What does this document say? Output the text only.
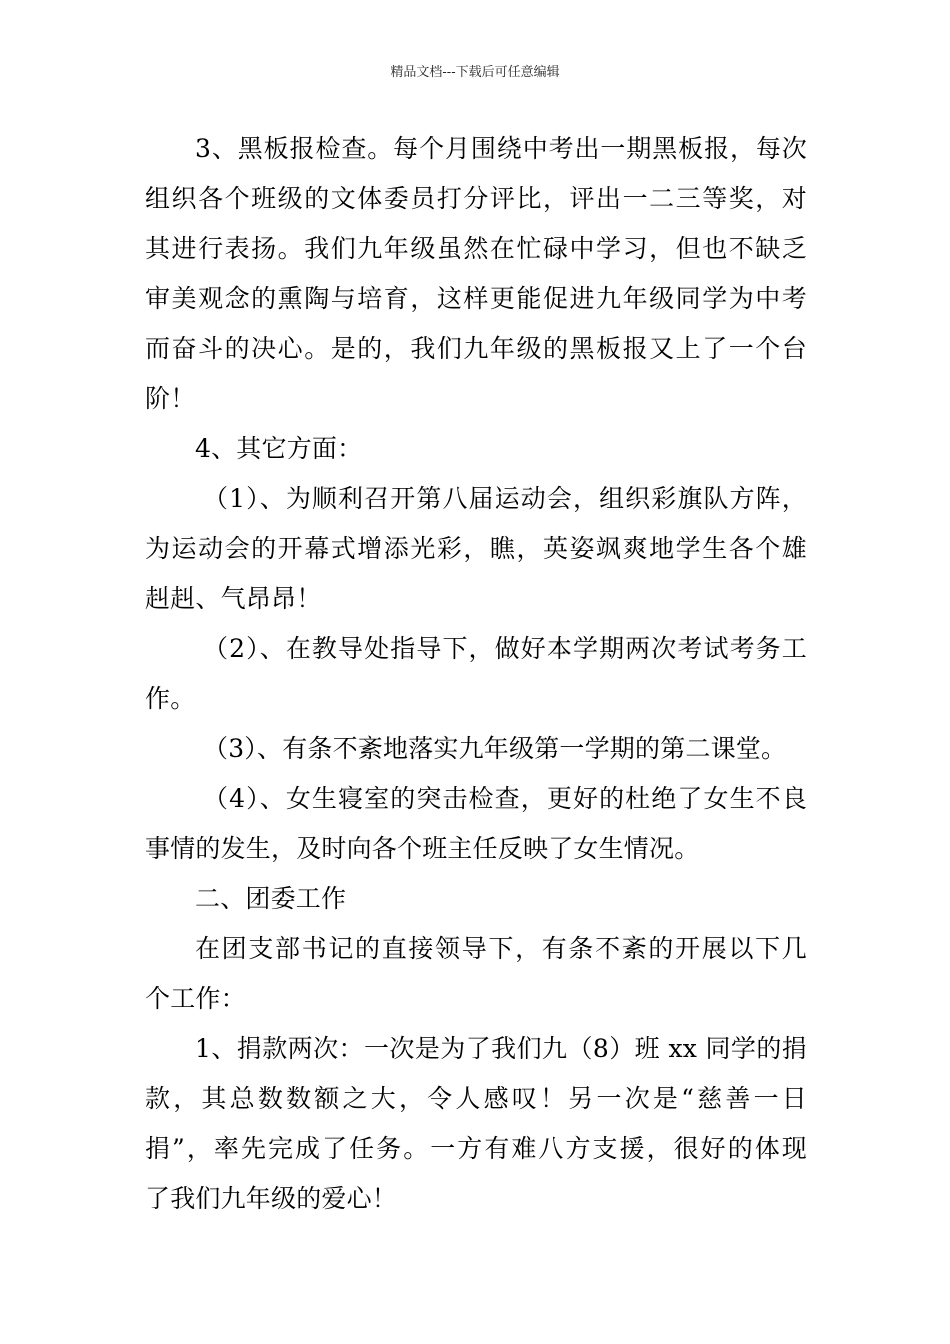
精品文档---下载后可任意编辑
3、黑板报检查。每个月围绕中考出一期黑板报，每次
组织各个班级的文体委员打分评比，评出一二三等奖，对
其进行表扬。我们九年级虽然在忙碌中学习，但也不缺乏
审美观念的熏陶与培育，这样更能促进九年级同学为中考
而奋斗的决心。是的，我们九年级的黑板报又上了一个台
阶！
4、其它方面：
（1）、为顺利召开第八届运动会，组织彩旗队方阵，
为运动会的开幕式增添光彩，瞧，英姿飒爽地学生各个雄
赳赳、气昂昂！
（2）、在教导处指导下，做好本学期两次考试考务工
作。
（3）、有条不紊地落实九年级第一学期的第二课堂。
（4）、女生寝室的突击检查，更好的杜绝了女生不良
事情的发生，及时向各个班主任反映了女生情况。
二、团委工作
在团支部书记的直接领导下，有条不紊的开展以下几
个工作：
1、捐款两次：一次是为了我们九（8）班 xx 同学的捐
款，其总数数额之大，令人感叹！另一次是“慈善一日
捐”，率先完成了任务。一方有难八方支援，很好的体现
了我们九年级的爱心！
